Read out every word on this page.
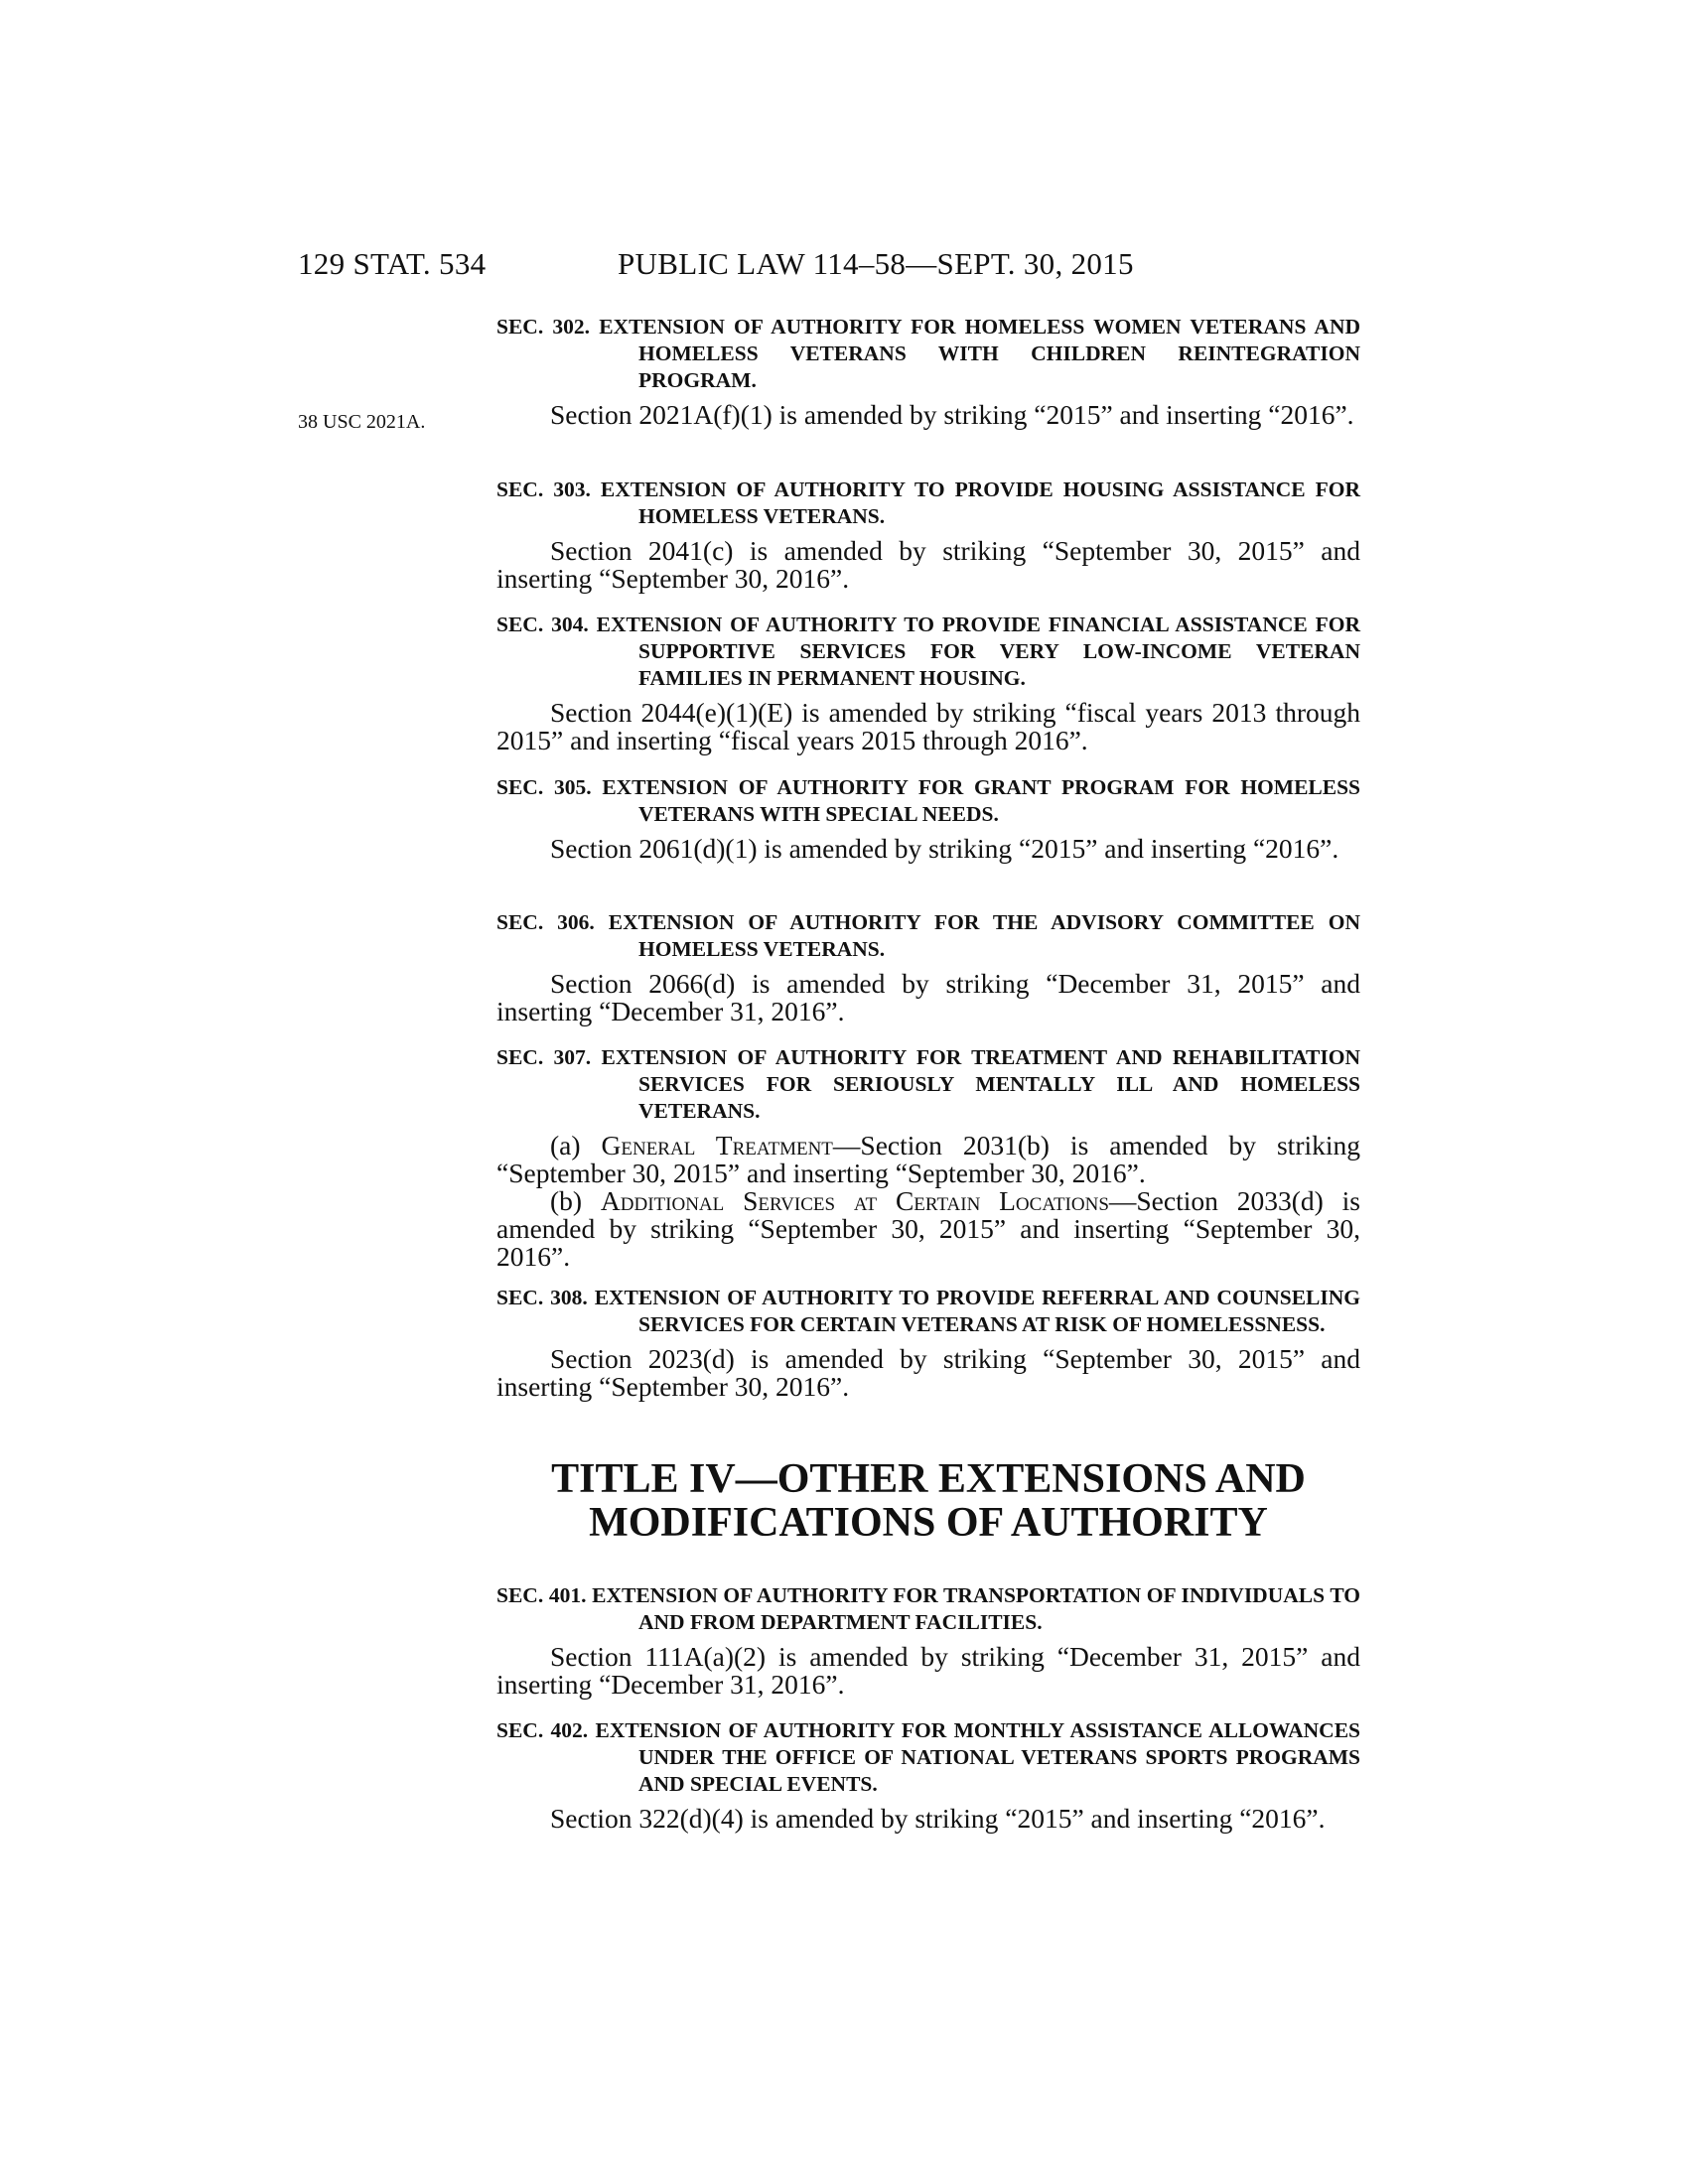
129 STAT. 534	PUBLIC LAW 114–58—SEPT. 30, 2015
38 USC 2021A.

SEC. 302. EXTENSION OF AUTHORITY FOR HOMELESS WOMEN VETERANS AND HOMELESS VETERANS WITH CHILDREN REINTEGRATION PROGRAM.

Section 2021A(f)(1) is amended by striking “2015” and inserting “2016”.

SEC. 303. EXTENSION OF AUTHORITY TO PROVIDE HOUSING ASSISTANCE FOR HOMELESS VETERANS.

Section 2041(c) is amended by striking “September 30, 2015” and inserting “September 30, 2016”.

SEC. 304. EXTENSION OF AUTHORITY TO PROVIDE FINANCIAL ASSISTANCE FOR SUPPORTIVE SERVICES FOR VERY LOW-INCOME VETERAN FAMILIES IN PERMANENT HOUSING.

Section 2044(e)(1)(E) is amended by striking “fiscal years 2013 through 2015” and inserting “fiscal years 2015 through 2016”.

SEC. 305. EXTENSION OF AUTHORITY FOR GRANT PROGRAM FOR HOMELESS VETERANS WITH SPECIAL NEEDS.

Section 2061(d)(1) is amended by striking “2015” and inserting “2016”.

SEC. 306. EXTENSION OF AUTHORITY FOR THE ADVISORY COMMITTEE ON HOMELESS VETERANS.

Section 2066(d) is amended by striking “December 31, 2015” and inserting “December 31, 2016”.

SEC. 307. EXTENSION OF AUTHORITY FOR TREATMENT AND REHABILITATION SERVICES FOR SERIOUSLY MENTALLY ILL AND HOMELESS VETERANS.

(a) General Treatment—Section 2031(b) is amended by striking “September 30, 2015” and inserting “September 30, 2016”.

(b) Additional Services at Certain Locations—Section 2033(d) is amended by striking “September 30, 2015” and inserting “September 30, 2016”.

SEC. 308. EXTENSION OF AUTHORITY TO PROVIDE REFERRAL AND COUNSELING SERVICES FOR CERTAIN VETERANS AT RISK OF HOMELESSNESS.

Section 2023(d) is amended by striking “September 30, 2015” and inserting “September 30, 2016”.

TITLE IV—OTHER EXTENSIONS AND
MODIFICATIONS OF AUTHORITY

SEC. 401. EXTENSION OF AUTHORITY FOR TRANSPORTATION OF INDIVIDUALS TO AND FROM DEPARTMENT FACILITIES.

Section 111A(a)(2) is amended by striking “December 31, 2015” and inserting “December 31, 2016”.

SEC. 402. EXTENSION OF AUTHORITY FOR MONTHLY ASSISTANCE ALLOWANCES UNDER THE OFFICE OF NATIONAL VETERANS SPORTS PROGRAMS AND SPECIAL EVENTS.

Section 322(d)(4) is amended by striking “2015” and inserting “2016”.
